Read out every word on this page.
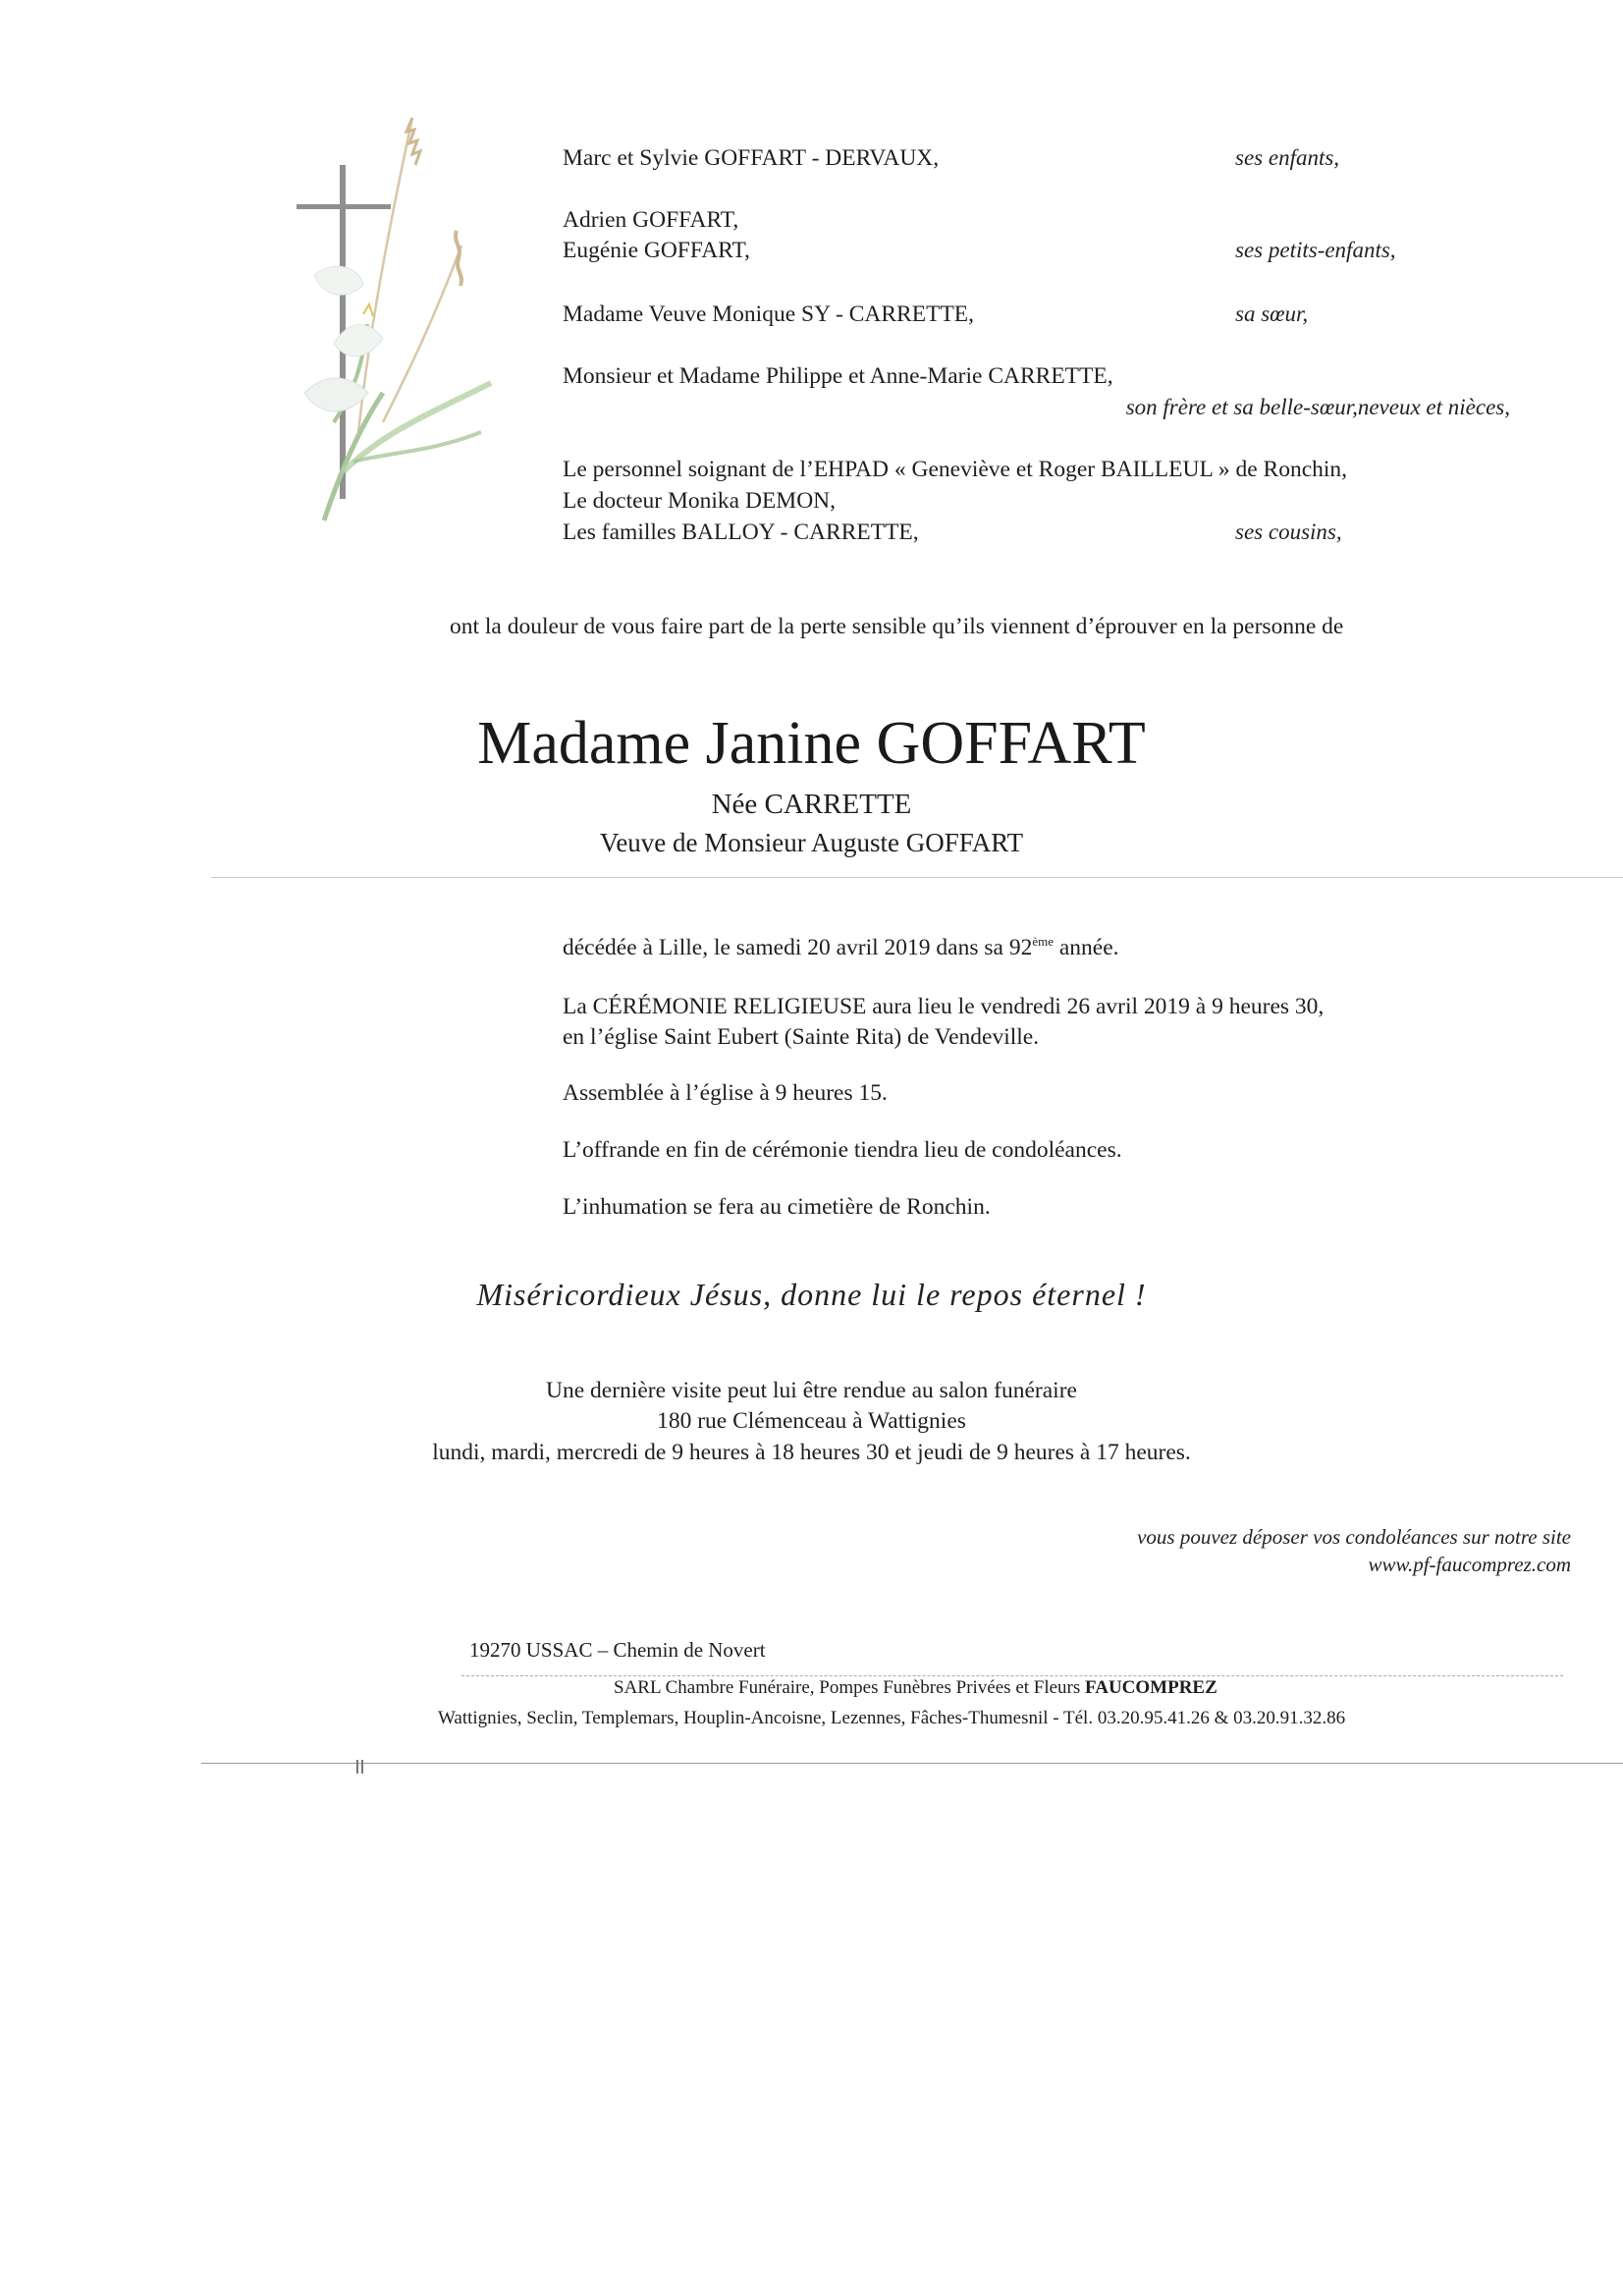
Marc et Sylvie GOFFART - DERVAUX,	ses enfants,
Adrien GOFFART,
Eugénie GOFFART,	ses petits-enfants,
Madame Veuve Monique SY - CARRETTE,	sa sœur,
Monsieur et Madame Philippe et Anne-Marie CARRETTE,
son frère et sa belle-sœur,neveux et nièces,
Le personnel soignant de l’EHPAD « Geneviève et Roger BAILLEUL » de Ronchin,
Le docteur Monika DEMON,
Les familles BALLOY - CARRETTE,	ses cousins,
ont la douleur de vous faire part de la perte sensible qu’ils viennent d’éprouver en la personne de
Madame Janine GOFFART
Née CARRETTE
Veuve de Monsieur Auguste GOFFART
décédée à Lille, le samedi 20 avril 2019 dans sa 92ème année.
La CÉRÉMONIE RELIGIEUSE aura lieu le vendredi 26 avril 2019 à 9 heures 30,
en l’église Saint Eubert (Sainte Rita) de Vendeville.
Assemblée à l’église à 9 heures 15.
L’offrande en fin de cérémonie tiendra lieu de condoléances.
L’inhumation se fera au cimetière de Ronchin.
Miséricordieux Jésus, donne lui le repos éternel !
Une dernière visite peut lui être rendue au salon funéraire
180 rue Clémenceau à Wattignies
lundi, mardi, mercredi de 9 heures à 18 heures 30 et jeudi de 9 heures à 17 heures.
vous pouvez déposer vos condoléances sur notre site
www.pf-faucomprez.com
19270 USSAC – Chemin de Novert
SARL Chambre Funéraire, Pompes Funèbres Privées et Fleurs FAUCOMPREZ
Wattignies, Seclin, Templemars, Houplin-Ancoisne, Lezennes, Fâches-Thumesnil - Tél. 03.20.95.41.26 & 03.20.91.32.86
